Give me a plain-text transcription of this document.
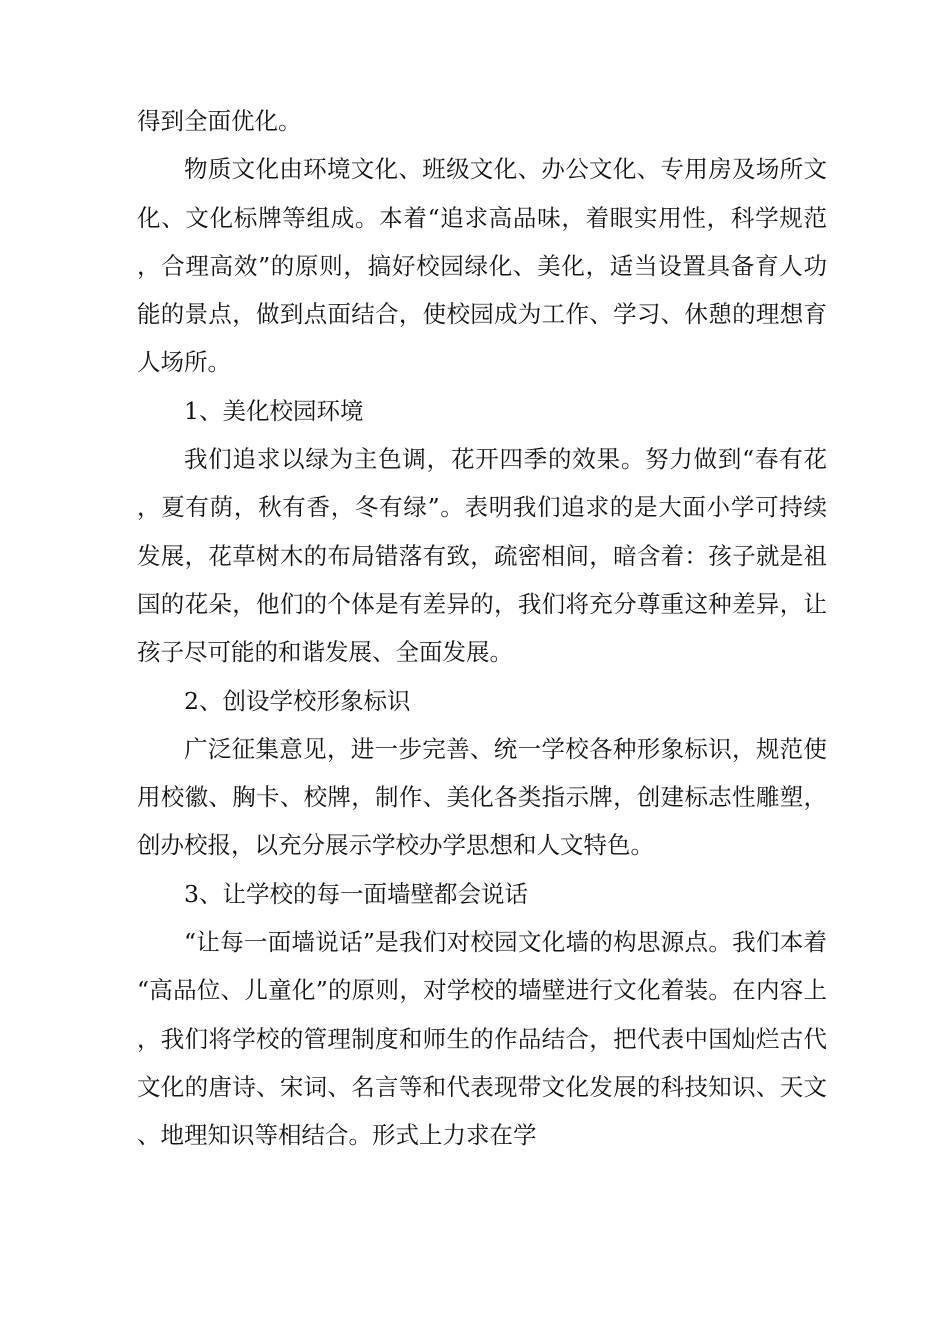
得到全面优化。

物质文化由环境文化、班级文化、办公文化、专用房及场所文化、文化标牌等组成。本着“追求高品味，着眼实用性，科学规范，合理高效”的原则，搞好校园绿化、美化，适当设置具备育人功能的景点，做到点面结合，使校园成为工作、学习、休憩的理想育人场所。

1、美化校园环境

我们追求以绿为主色调，花开四季的效果。努力做到“春有花，夏有荫，秋有香，冬有绿”。表明我们追求的是大面小学可持续发展，花草树木的布局错落有致，疏密相间，暗含着：孩子就是祖国的花朵，他们的个体是有差异的，我们将充分尊重这种差异，让孩子尽可能的和谐发展、全面发展。

2、创设学校形象标识

广泛征集意见，进一步完善、统一学校各种形象标识，规范使用校徽、胸卡、校牌，制作、美化各类指示牌，创建标志性雕塑，创办校报，以充分展示学校办学思想和人文特色。

3、让学校的每一面墙壁都会说话

“让每一面墙说话”是我们对校园文化墙的构思源点。我们本着“高品位、儿童化”的原则，对学校的墙壁进行文化着装。在内容上，我们将学校的管理制度和师生的作品结合，把代表中国灿烂古代文化的唐诗、宋词、名言等和代表现带文化发展的科技知识、天文、地理知识等相结合。形式上力求在学
